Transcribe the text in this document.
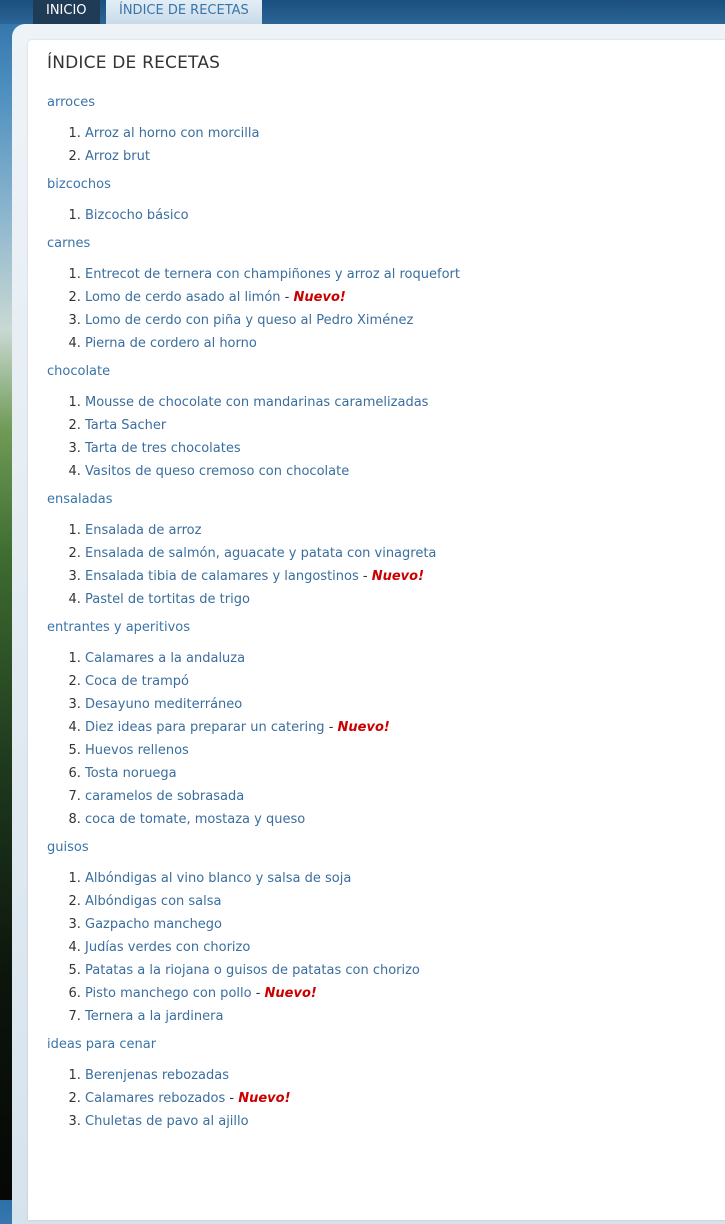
INICIO	ÍNDICE DE RECETAS
ÍNDICE DE RECETAS
arroces
1. Arroz al horno con morcilla
2. Arroz brut
bizcochos
1. Bizcocho básico
carnes
1. Entrecot de ternera con champiñones y arroz al roquefort
2. Lomo de cerdo asado al limón - Nuevo!
3. Lomo de cerdo con piña y queso al Pedro Ximénez
4. Pierna de cordero al horno
chocolate
1. Mousse de chocolate con mandarinas caramelizadas
2. Tarta Sacher
3. Tarta de tres chocolates
4. Vasitos de queso cremoso con chocolate
ensaladas
1. Ensalada de arroz
2. Ensalada de salmón, aguacate y patata con vinagreta
3. Ensalada tibia de calamares y langostinos - Nuevo!
4. Pastel de tortitas de trigo
entrantes y aperitivos
1. Calamares a la andaluza
2. Coca de trampó
3. Desayuno mediterráneo
4. Diez ideas para preparar un catering - Nuevo!
5. Huevos rellenos
6. Tosta noruega
7. caramelos de sobrasada
8. coca de tomate, mostaza y queso
guisos
1. Albóndigas al vino blanco y salsa de soja
2. Albóndigas con salsa
3. Gazpacho manchego
4. Judías verdes con chorizo
5. Patatas a la riojana o guisos de patatas con chorizo
6. Pisto manchego con pollo - Nuevo!
7. Ternera a la jardinera
ideas para cenar
1. Berenjenas rebozadas
2. Calamares rebozados - Nuevo!
3. Chuletas de pavo al ajillo
